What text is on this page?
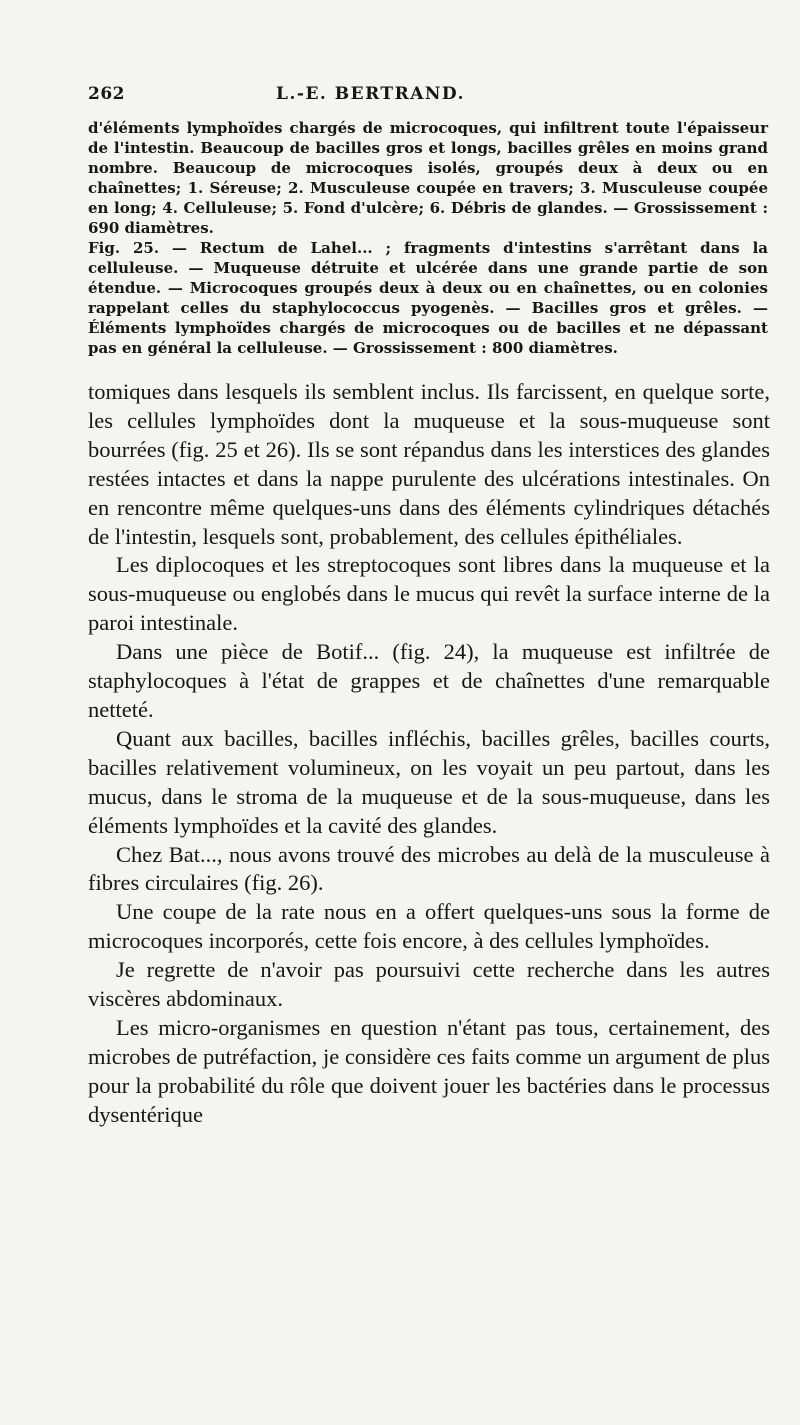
262	L.-E. BERTRAND.

d'éléments lymphoïdes chargés de microcoques, qui infiltrent toute l'épaisseur de l'intestin. Beaucoup de bacilles gros et longs, bacilles grêles en moins grand nombre. Beaucoup de microcoques isolés, groupés deux à deux ou en chaînettes; 1. Séreuse; 2. Musculeuse coupée en travers; 3. Musculeuse coupée en long; 4. Celluleuse; 5. Fond d'ulcère; 6. Débris de glandes. — Grossissement : 690 diamètres.

Fig. 25. — Rectum de Lahel... ; fragments d'intestins s'arrêtant dans la celluleuse. — Muqueuse détruite et ulcérée dans une grande partie de son étendue. — Microcoques groupés deux à deux ou en chaînettes, ou en colonies rappelant celles du staphylococcus pyogenès. — Bacilles gros et grêles. — Éléments lymphoïdes chargés de microcoques ou de bacilles et ne dépassant pas en général la celluleuse. — Grossissement : 800 diamètres.

tomiques dans lesquels ils semblent inclus. Ils farcissent, en quelque sorte, les cellules lymphoïdes dont la muqueuse et la sous-muqueuse sont bourrées (fig. 25 et 26). Ils se sont répandus dans les interstices des glandes restées intactes et dans la nappe purulente des ulcérations intestinales. On en rencontre même quelques-uns dans des éléments cylindriques détachés de l'intestin, lesquels sont, probablement, des cellules épithéliales.

Les diplocoques et les streptocoques sont libres dans la muqueuse et la sous-muqueuse ou englobés dans le mucus qui revêt la surface interne de la paroi intestinale.

Dans une pièce de Botif... (fig. 24), la muqueuse est infiltrée de staphylocoques à l'état de grappes et de chaînettes d'une remarquable netteté.

Quant aux bacilles, bacilles infléchis, bacilles grêles, bacilles courts, bacilles relativement volumineux, on les voyait un peu partout, dans les mucus, dans le stroma de la muqueuse et de la sous-muqueuse, dans les éléments lymphoïdes et la cavité des glandes.

Chez Bat..., nous avons trouvé des microbes au delà de la musculeuse à fibres circulaires (fig. 26).

Une coupe de la rate nous en a offert quelques-uns sous la forme de microcoques incorporés, cette fois encore, à des cellules lymphoïdes.

Je regrette de n'avoir pas poursuivi cette recherche dans les autres viscères abdominaux.

Les micro-organismes en question n'étant pas tous, certainement, des microbes de putréfaction, je considère ces faits comme un argument de plus pour la probabilité du rôle que doivent jouer les bactéries dans le processus dysentérique
